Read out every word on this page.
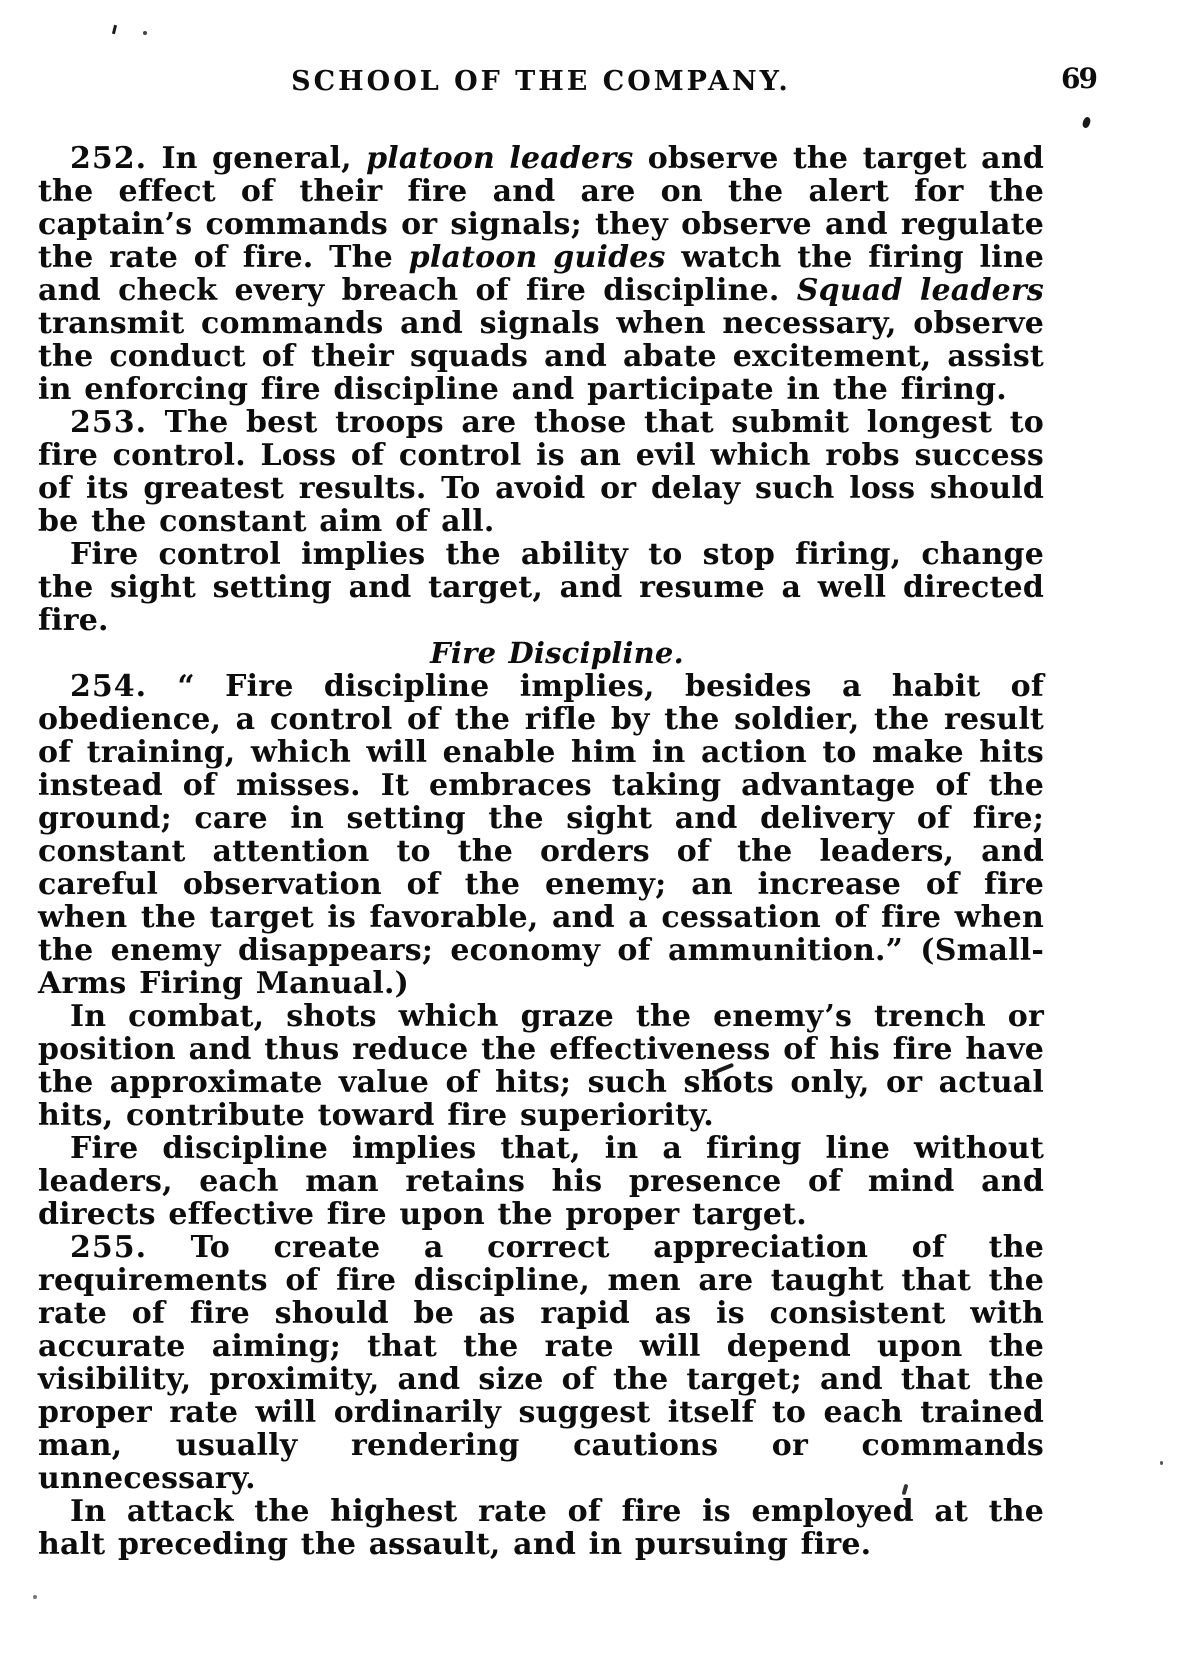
SCHOOL OF THE COMPANY.	69

252. In general, platoon leaders observe the target and the effect of their fire and are on the alert for the captain’s commands or signals; they observe and regulate the rate of fire. The platoon guides watch the firing line and check every breach of fire discipline. Squad leaders transmit commands and signals when necessary, observe the conduct of their squads and abate excitement, assist in enforcing fire discipline and participate in the firing.

253. The best troops are those that submit longest to fire control. Loss of control is an evil which robs success of its greatest results. To avoid or delay such loss should be the constant aim of all.

Fire control implies the ability to stop firing, change the sight setting and target, and resume a well directed fire.

Fire Discipline.

254. “ Fire discipline implies, besides a habit of obedience, a control of the rifle by the soldier, the result of training, which will enable him in action to make hits instead of misses. It embraces taking advantage of the ground; care in setting the sight and delivery of fire; constant attention to the orders of the leaders, and careful observation of the enemy; an increase of fire when the target is favorable, and a cessation of fire when the enemy disappears; economy of ammunition.” (Small-Arms Firing Manual.)

In combat, shots which graze the enemy’s trench or position and thus reduce the effectiveness of his fire have the approximate value of hits; such shots only, or actual hits, contribute toward fire superiority.

Fire discipline implies that, in a firing line without leaders, each man retains his presence of mind and directs effective fire upon the proper target.

255. To create a correct appreciation of the requirements of fire discipline, men are taught that the rate of fire should be as rapid as is consistent with accurate aiming; that the rate will depend upon the visibility, proximity, and size of the target; and that the proper rate will ordinarily suggest itself to each trained man, usually rendering cautions or commands unnecessary.

In attack the highest rate of fire is employed at the halt preceding the assault, and in pursuing fire.
